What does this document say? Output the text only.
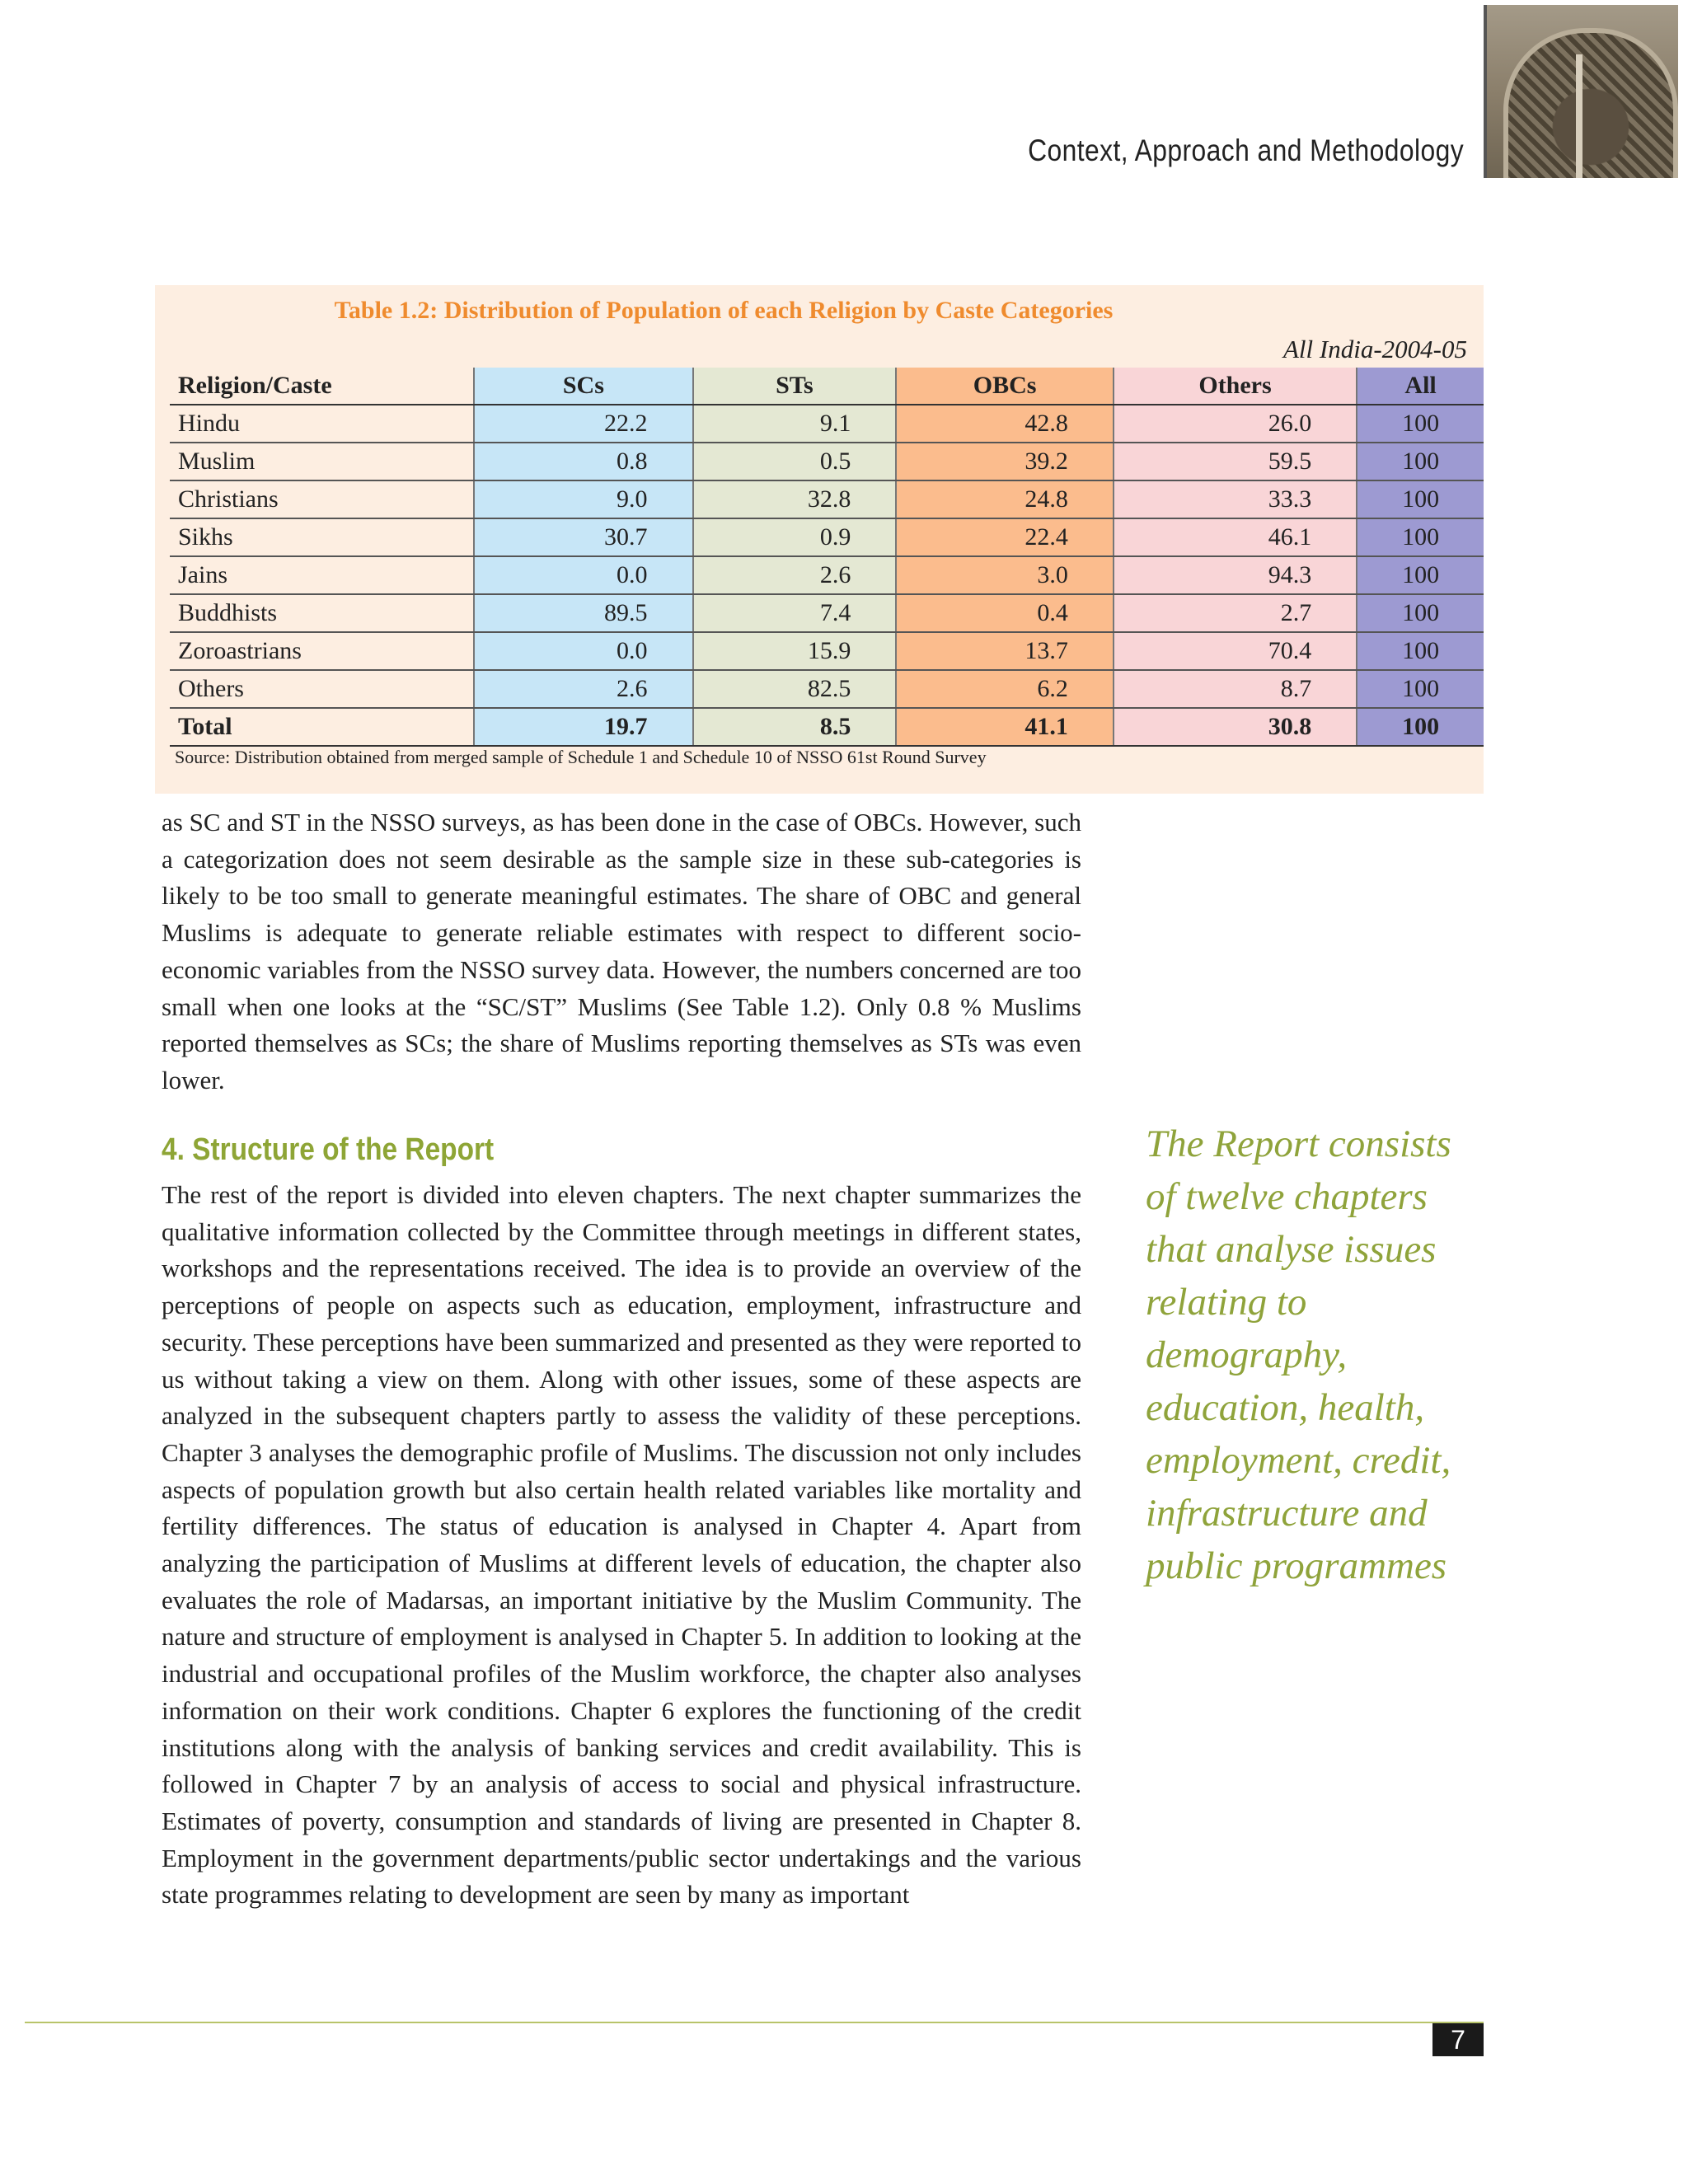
Context, Approach and Methodology
Table 1.2: Distribution of Population of each Religion by Caste Categories
All India-2004-05
Religion/Caste	SCs	STs	OBCs	Others	All
Hindu	22.2	9.1	42.8	26.0	100
Muslim	0.8	0.5	39.2	59.5	100
Christians	9.0	32.8	24.8	33.3	100
Sikhs	30.7	0.9	22.4	46.1	100
Jains	0.0	2.6	3.0	94.3	100
Buddhists	89.5	7.4	0.4	2.7	100
Zoroastrians	0.0	15.9	13.7	70.4	100
Others	2.6	82.5	6.2	8.7	100
Total	19.7	8.5	41.1	30.8	100
Source: Distribution obtained from merged sample of Schedule 1 and Schedule 10 of NSSO 61st Round Survey
as SC and ST in the NSSO surveys, as has been done in the case of OBCs. However, such a categorization does not seem desirable as the sample size in these sub-categories is likely to be too small to generate meaningful estimates. The share of OBC and general Muslims is adequate to generate reliable estimates with respect to different socio-economic variables from the NSSO survey data. However, the numbers concerned are too small when one looks at the “SC/ST” Muslims (See Table 1.2). Only 0.8 % Muslims reported themselves as SCs; the share of Muslims reporting themselves as STs was even lower.
4. Structure of the Report
The rest of the report is divided into eleven chapters. The next chapter summarizes the qualitative information collected by the Committee through meetings in different states, workshops and the representations received. The idea is to provide an overview of the perceptions of people on aspects such as education, employment, infrastructure and security. These perceptions have been summarized and presented as they were reported to us without taking a view on them. Along with other issues, some of these aspects are analyzed in the subsequent chapters partly to assess the validity of these perceptions. Chapter 3 analyses the demographic profile of Muslims. The discussion not only includes aspects of population growth but also certain health related variables like mortality and fertility differences. The status of education is analysed in Chapter 4. Apart from analyzing the participation of Muslims at different levels of education, the chapter also evaluates the role of Madarsas, an important initiative by the Muslim Community. The nature and structure of employment is analysed in Chapter 5. In addition to looking at the industrial and occupational profiles of the Muslim workforce, the chapter also analyses information on their work conditions. Chapter 6 explores the functioning of the credit institutions along with the analysis of banking services and credit availability. This is followed in Chapter 7 by an analysis of access to social and physical infrastructure. Estimates of poverty, consumption and standards of living are presented in Chapter 8. Employment in the government departments/public sector undertakings and the various state programmes relating to development are seen by many as important
The Report consists of twelve chapters that analyse issues relating to demography, education, health, employment, credit, infrastructure and public programmes
7
